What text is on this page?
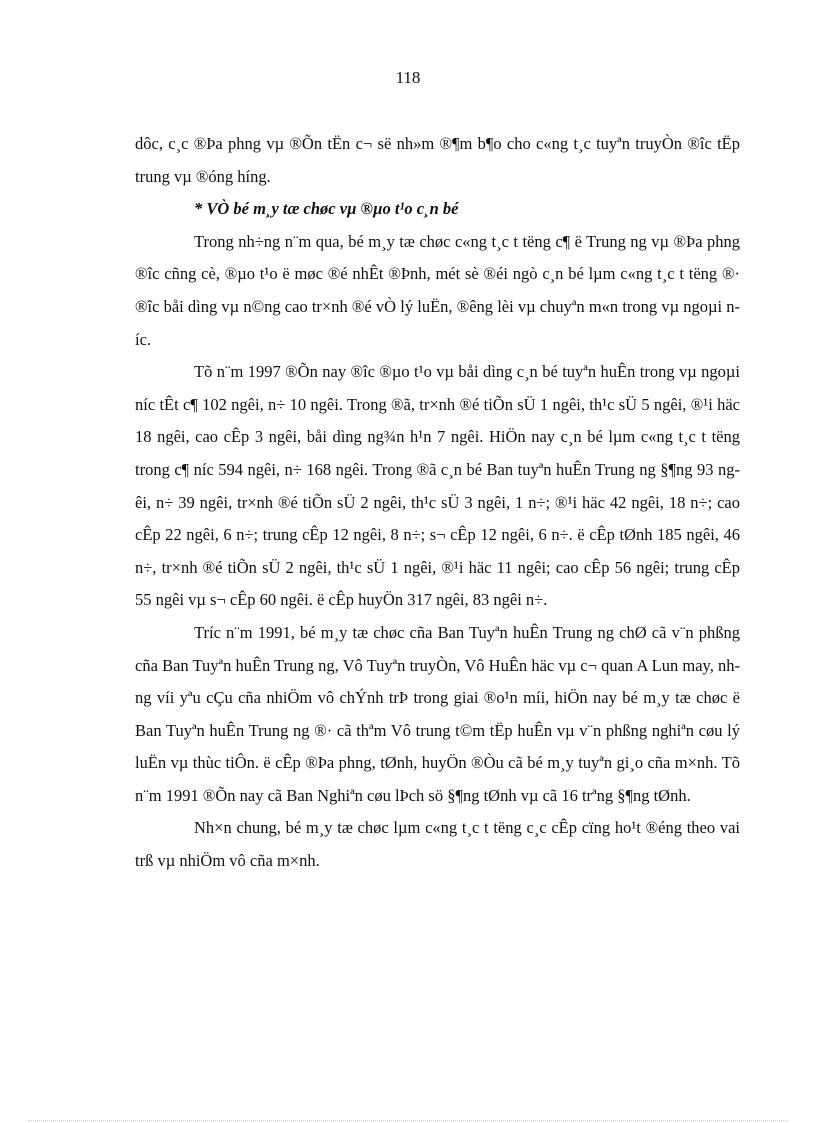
118

dôc, c¸c ®Þa phng vµ ®Õn tËn c¬ së nh»m ®¶m b¶o cho c«ng t¸c tuyªn truyÒn ®îc tËp trung vµ ®óng híng.

* VÒ bé m¸y tæ chøc vµ ®µo t¹o c¸n bé

Trong nh÷ng n¨m qua, bé m¸y tæ chøc c«ng t¸c t tëng c¶ ë Trung ng vµ ®Þa phng ®îc cñng cè, ®µo t¹o ë møc ®é nhÊt ®Þnh, mét sè ®éi ngò c¸n bé lµm c«ng t¸c t tëng ®· ®îc båi dìng vµ n©ng cao tr×nh ®é vÒ lý luËn, ®êng lèi vµ chuyªn m«n trong vµ ngoµi níc.

Tõ n¨m 1997 ®Õn nay ®îc ®µo t¹o vµ båi dìng c¸n bé tuyªn huÊn trong vµ ngoµi níc tÊt c¶ 102 ngêi, n÷ 10 ngêi. Trong ®ã, tr×nh ®é tiÕn sÜ 1 ngêi, th¹c sÜ 5 ngêi, ®¹i häc 18 ngêi, cao cÊp 3 ngêi, båi dìng ng¾n h¹n 7 ngêi. HiÖn nay c¸n bé lµm c«ng t¸c t tëng trong c¶ níc 594 ngêi, n÷ 168 ngêi. Trong ®ã c¸n bé Ban tuyªn huÊn Trung ng §¶ng 93 ngêi, n÷ 39 ngêi, tr×nh ®é tiÕn sÜ 2 ngêi, th¹c sÜ 3 ngêi, 1 n÷; ®¹i häc 42 ngêi, 18 n÷; cao cÊp 22 ngêi, 6 n÷; trung cÊp 12 ngêi, 8 n÷; s¬ cÊp 12 ngêi, 6 n÷. ë cÊp tØnh 185 ngêi, 46 n÷, tr×nh ®é tiÕn sÜ 2 ngêi, th¹c sÜ 1 ngêi, ®¹i häc 11 ngêi; cao cÊp 56 ngêi; trung cÊp 55 ngêi vµ s¬ cÊp 60 ngêi. ë cÊp huyÖn 317 ngêi, 83 ngêi n÷.

Tríc n¨m 1991, bé m¸y tæ chøc cña Ban Tuyªn huÊn Trung ng chØ cã v¨n phßng cña Ban Tuyªn huÊn Trung ng, Vô Tuyªn truyÒn, Vô HuÊn häc vµ c¬ quan A Lun may, nhng víi yªu cÇu cña nhiÖm vô chÝnh trÞ trong giai ®o¹n míi, hiÖn nay bé m¸y tæ chøc ë Ban Tuyªn huÊn Trung ng ®· cã thªm Vô trung t©m tËp huÊn vµ v¨n phßng nghiªn cøu lý luËn vµ thùc tiÔn. ë cÊp ®Þa phng, tØnh, huyÖn ®Òu cã bé m¸y tuyªn gi¸o cña m×nh. Tõ n¨m 1991 ®Õn nay cã Ban Nghiªn cøu lÞch sö §¶ng tØnh vµ cã 16 trªng §¶ng tØnh.

Nh×n chung, bé m¸y tæ chøc lµm c«ng t¸c t tëng c¸c cÊp cïng ho¹t ®éng theo vai trß vµ nhiÖm vô cña m×nh.
